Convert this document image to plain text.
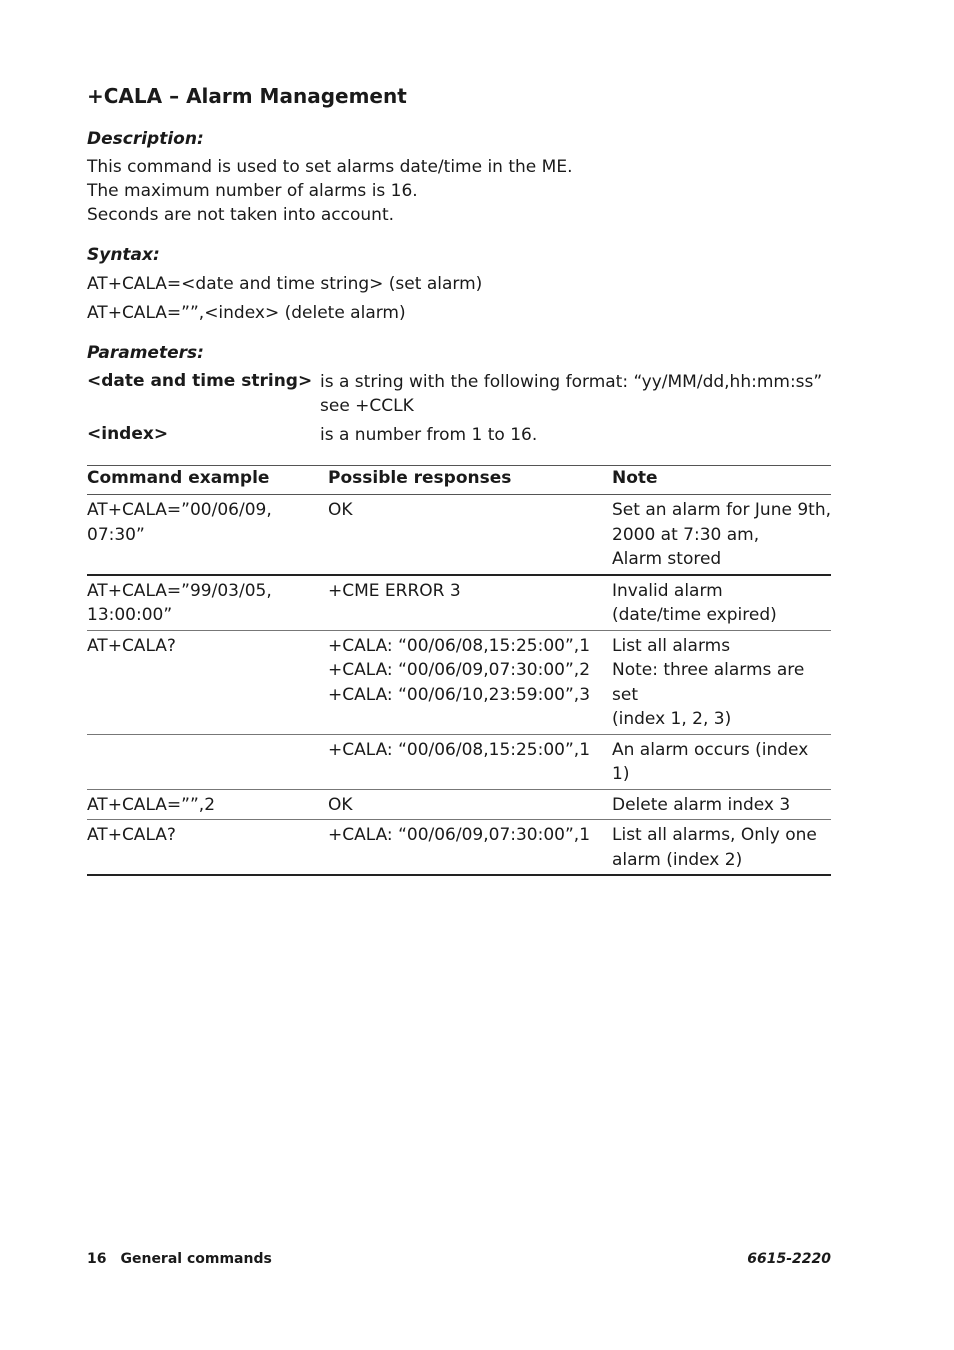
+CALA – Alarm Management
Description:
This command is used to set alarms date/time in the ME.
The maximum number of alarms is 16.
Seconds are not taken into account.
Syntax:
AT+CALA=<date and time string> (set alarm)
AT+CALA=””,<index> (delete alarm)
Parameters:
<date and time string> is a string with the following format: “yy/MM/dd,hh:mm:ss”
see +CCLK
<index>	is a number from 1 to 16.
Command example	Possible responses	Note
AT+CALA=”00/06/09,
07:30”	OK	Set an alarm for June 9th,
2000 at 7:30 am,
Alarm stored
AT+CALA=”99/03/05,
13:00:00”	+CME ERROR 3	Invalid alarm
(date/time expired)
AT+CALA?	+CALA: “00/06/08,15:25:00”,1
+CALA: “00/06/09,07:30:00”,2
+CALA: “00/06/10,23:59:00”,3	List all alarms
Note: three alarms are set
(index 1, 2, 3)
	+CALA: “00/06/08,15:25:00”,1	An alarm occurs (index 1)
AT+CALA=””,2	OK	Delete alarm index 3
AT+CALA?	+CALA: “00/06/09,07:30:00”,1	List all alarms, Only one
alarm (index 2)
16 General commands	6615-2220
